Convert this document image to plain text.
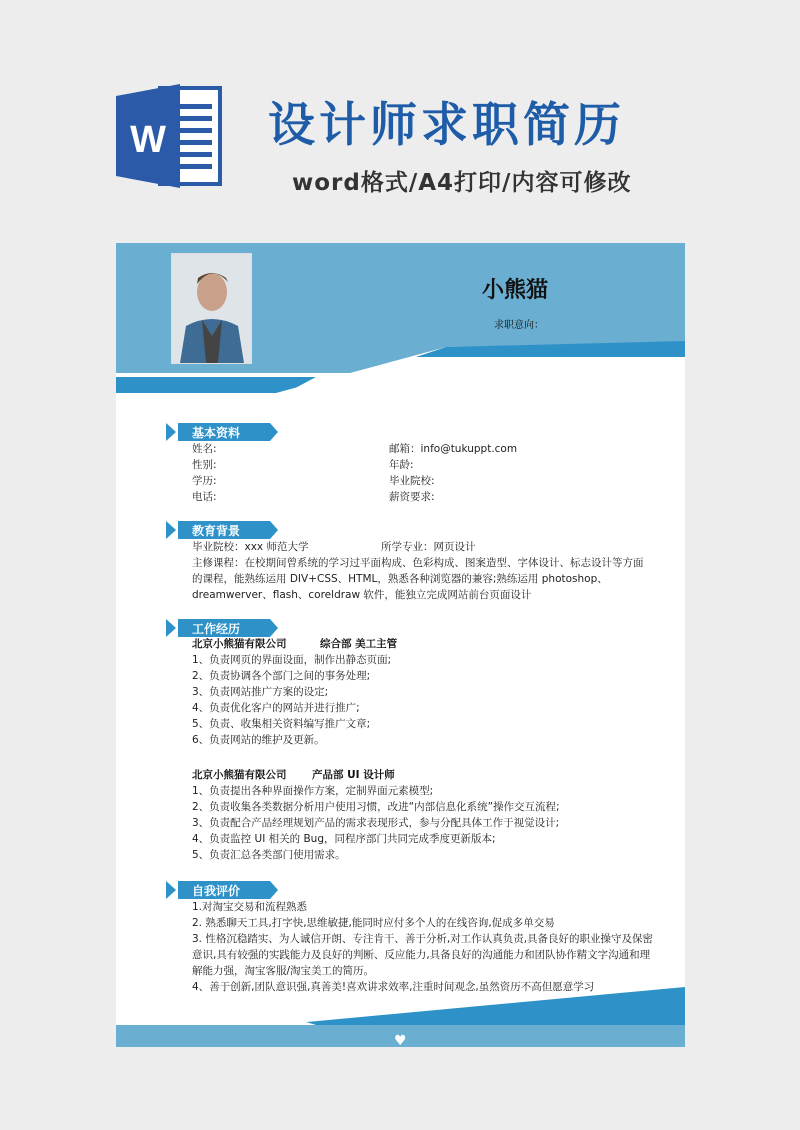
W 设计师求职简历
word格式/A4打印/内容可修改
小熊猫
求职意向：
基本资料
姓名:
性别:
学历:
电话:
邮箱：info@tukuppt.com
年龄:
毕业院校:
薪资要求:
教育背景
毕业院校：xxx 师范大学	所学专业：网页设计
主修课程：在校期间曾系统的学习过平面构成、色彩构成、图案造型、字体设计、标志设计等方面
的课程，能熟练运用 DIV+CSS、HTML，熟悉各种浏览器的兼容;熟练运用 photoshop、
dreamwerver、flash、coreldraw 软件，能独立完成网站前台页面设计
工作经历
北京小熊猫有限公司	综合部 美工主管
1、负责网页的界面设面，制作出静态页面;
2、负责协调各个部门之间的事务处理;
3、负责网站推广方案的设定;
4、负责优化客户的网站并进行推广;
5、负责、收集相关资料编写推广文章;
6、负责网站的维护及更新。
北京小熊猫有限公司 产品部 UI 设计师
1、负责提出各种界面操作方案，定制界面元素模型;
2、负责收集各类数据分析用户使用习惯，改进“内部信息化系统”操作交互流程;
3、负责配合产品经理规划产品的需求表现形式，参与分配具体工作于视觉设计;
4、负责监控 UI 相关的 Bug，同程序部门共同完成季度更新版本;
5、负责汇总各类部门使用需求。
自我评价
1.对淘宝交易和流程熟悉
2. 熟悉聊天工具,打字快,思维敏捷,能同时应付多个人的在线咨询,促成多单交易
3. 性格沉稳踏实、为人诚信开朗、专注肯干、善于分析,对工作认真负责,具备良好的职业操守及保密
意识,具有较强的实践能力及良好的判断、反应能力,具备良好的沟通能力和团队协作精文字沟通和理
解能力强，淘宝客服/淘宝美工的简历。
4、善于创新,团队意识强,真善美!喜欢讲求效率,注重时间观念,虽然资历不高但愿意学习
♥
